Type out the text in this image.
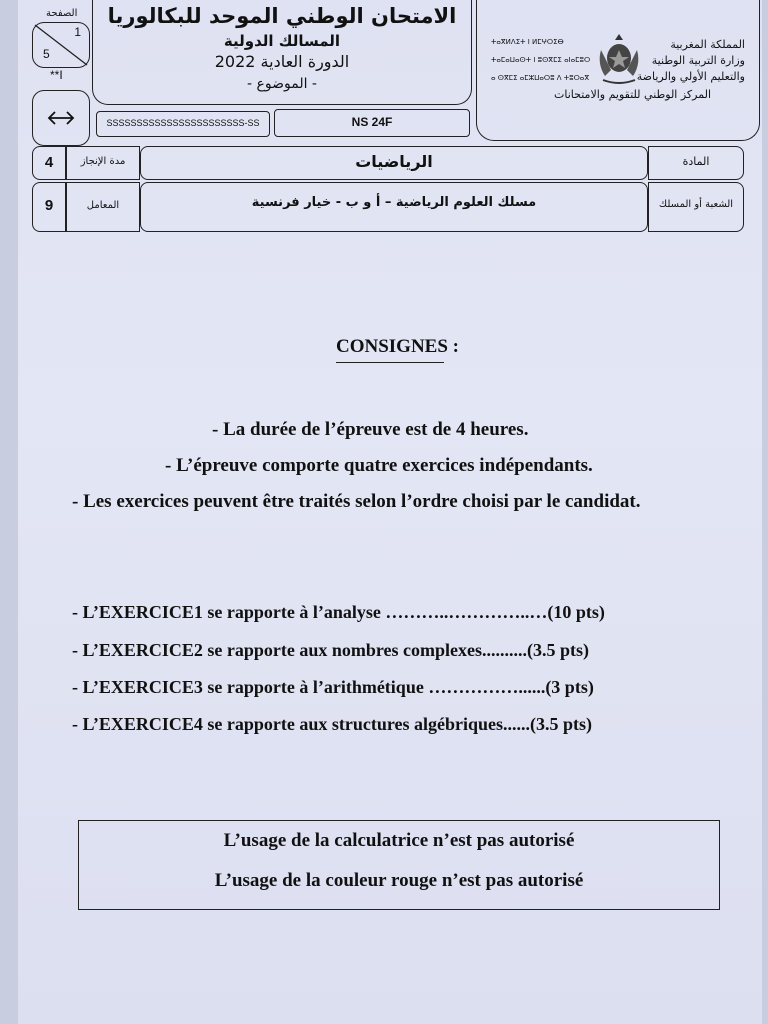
1
5
الصفحة
**I
الامتحان الوطني الموحد للبكالوريا
المسالك الدولية
الدورة العادية 2022
- الموضوع -
SSSSSSSSSSSSSSSSSSSSSSS-SS	NS 24F
ⵜⴰⴳⵍⴷⵉⵜ ⵏ ⵍⵎⵖⵔⵉⴱ
ⵜⴰⵎⴰⵡⴰⵙⵜ ⵏ ⵓⵙⴳⵎⵉ ⴰⵏⴰⵎⵓⵔ
ⴰ ⵙⴳⵎⵉ ⴰⵎⵣⵡⴰⵔⵓ ⴷ ⵜⵓⵔⴰⴳ
المملكة المغربية
وزارة التربية الوطنية
والتعليم الأولي والرياضة
المركز الوطني للتقويم والامتحانات
4	مدة الإنجاز	الرياضيات	المادة
9	المعامل	مسلك العلوم الرياضية – أ و ب - خيار فرنسية	الشعبة أو المسلك
CONSIGNES :
- La durée de l’épreuve est de 4 heures.
- L’épreuve comporte quatre exercices indépendants.
- Les exercices peuvent être traités selon l’ordre choisi par le candidat.
- L’EXERCICE1 se rapporte à l’analyse ………..…………..…(10 pts)
- L’EXERCICE2 se rapporte aux nombres complexes..........(3.5 pts)
- L’EXERCICE3 se rapporte à l’arithmétique ……………......(3 pts)
- L’EXERCICE4 se rapporte aux structures algébriques......(3.5 pts)
L’usage de la calculatrice n’est pas autorisé
L’usage de la couleur rouge n’est pas autorisé
